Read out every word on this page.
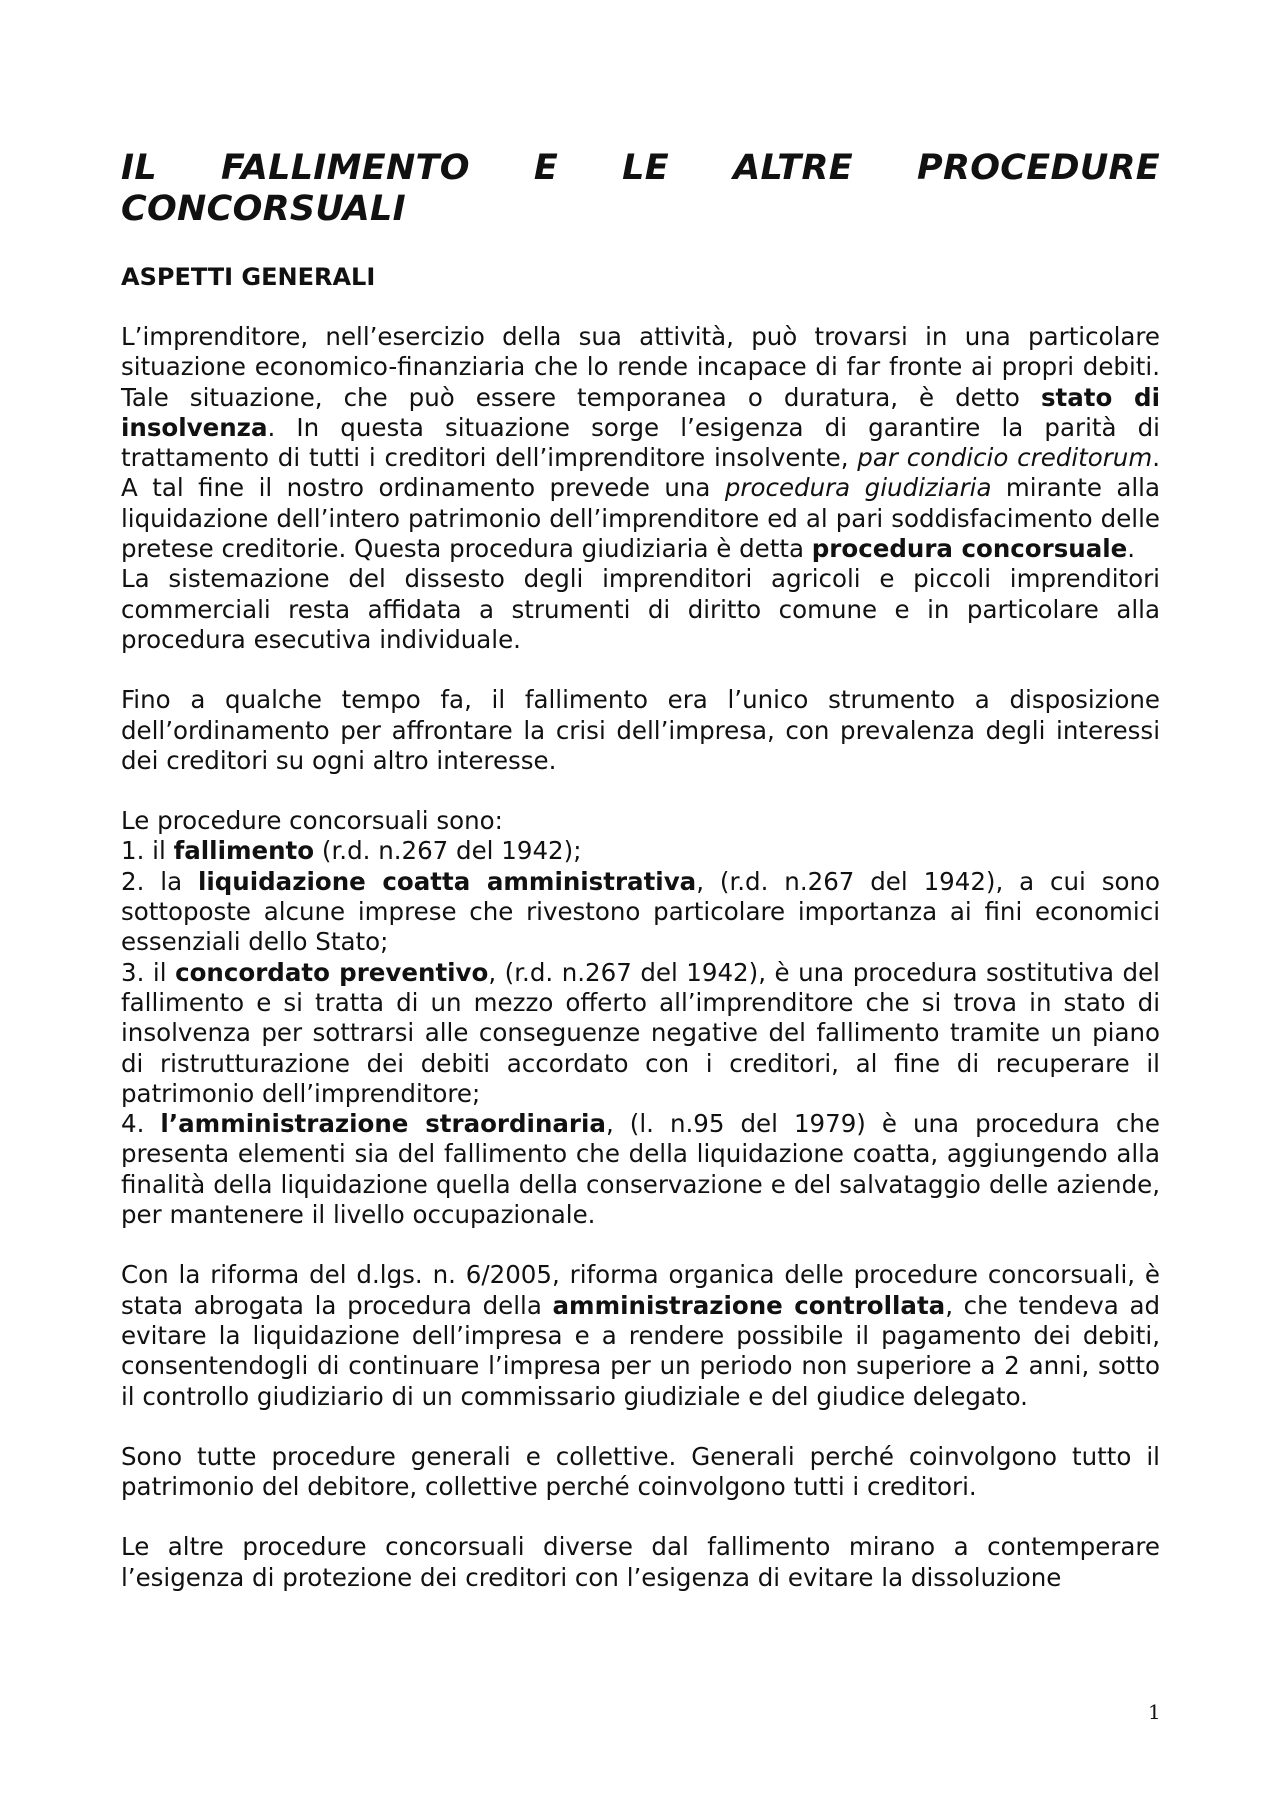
IL FALLIMENTO E LE ALTRE PROCEDURE
CONCORSUALI
ASPETTI GENERALI

L’imprenditore, nell’esercizio della sua attività, può trovarsi in una particolare situazione economico-finanziaria che lo rende incapace di far fronte ai propri debiti. Tale situazione, che può essere temporanea o duratura, è detto stato di insolvenza. In questa situazione sorge l’esigenza di garantire la parità di trattamento di tutti i creditori dell’imprenditore insolvente, par condicio creditorum. A tal fine il nostro ordinamento prevede una procedura giudiziaria mirante alla liquidazione dell’intero patrimonio dell’imprenditore ed al pari soddisfacimento delle pretese creditorie. Questa procedura giudiziaria è detta procedura concorsuale.

La sistemazione del dissesto degli imprenditori agricoli e piccoli imprenditori commerciali resta affidata a strumenti di diritto comune e in particolare alla procedura esecutiva individuale.

Fino a qualche tempo fa, il fallimento era l’unico strumento a disposizione dell’ordinamento per affrontare la crisi dell’impresa, con prevalenza degli interessi dei creditori su ogni altro interesse.

Le procedure concorsuali sono:

1. il fallimento (r.d. n.267 del 1942);

2. la liquidazione coatta amministrativa, (r.d. n.267 del 1942), a cui sono sottoposte alcune imprese che rivestono particolare importanza ai fini economici essenziali dello Stato;

3. il concordato preventivo, (r.d. n.267 del 1942), è una procedura sostitutiva del fallimento e si tratta di un mezzo offerto all’imprenditore che si trova in stato di insolvenza per sottrarsi alle conseguenze negative del fallimento tramite un piano di ristrutturazione dei debiti accordato con i creditori, al fine di recuperare il patrimonio dell’imprenditore;

4. l’amministrazione straordinaria, (l. n.95 del 1979) è una procedura che presenta elementi sia del fallimento che della liquidazione coatta, aggiungendo alla finalità della liquidazione quella della conservazione e del salvataggio delle aziende, per mantenere il livello occupazionale.

Con la riforma del d.lgs. n. 6/2005, riforma organica delle procedure concorsuali, è stata abrogata la procedura della amministrazione controllata, che tendeva ad evitare la liquidazione dell’impresa e a rendere possibile il pagamento dei debiti, consentendogli di continuare l’impresa per un periodo non superiore a 2 anni, sotto il controllo giudiziario di un commissario giudiziale e del giudice delegato.

Sono tutte procedure generali e collettive. Generali perché coinvolgono tutto il patrimonio del debitore, collettive perché coinvolgono tutti i creditori.

Le altre procedure concorsuali diverse dal fallimento mirano a contemperare l’esigenza di protezione dei creditori con l’esigenza di evitare la dissoluzione

1
